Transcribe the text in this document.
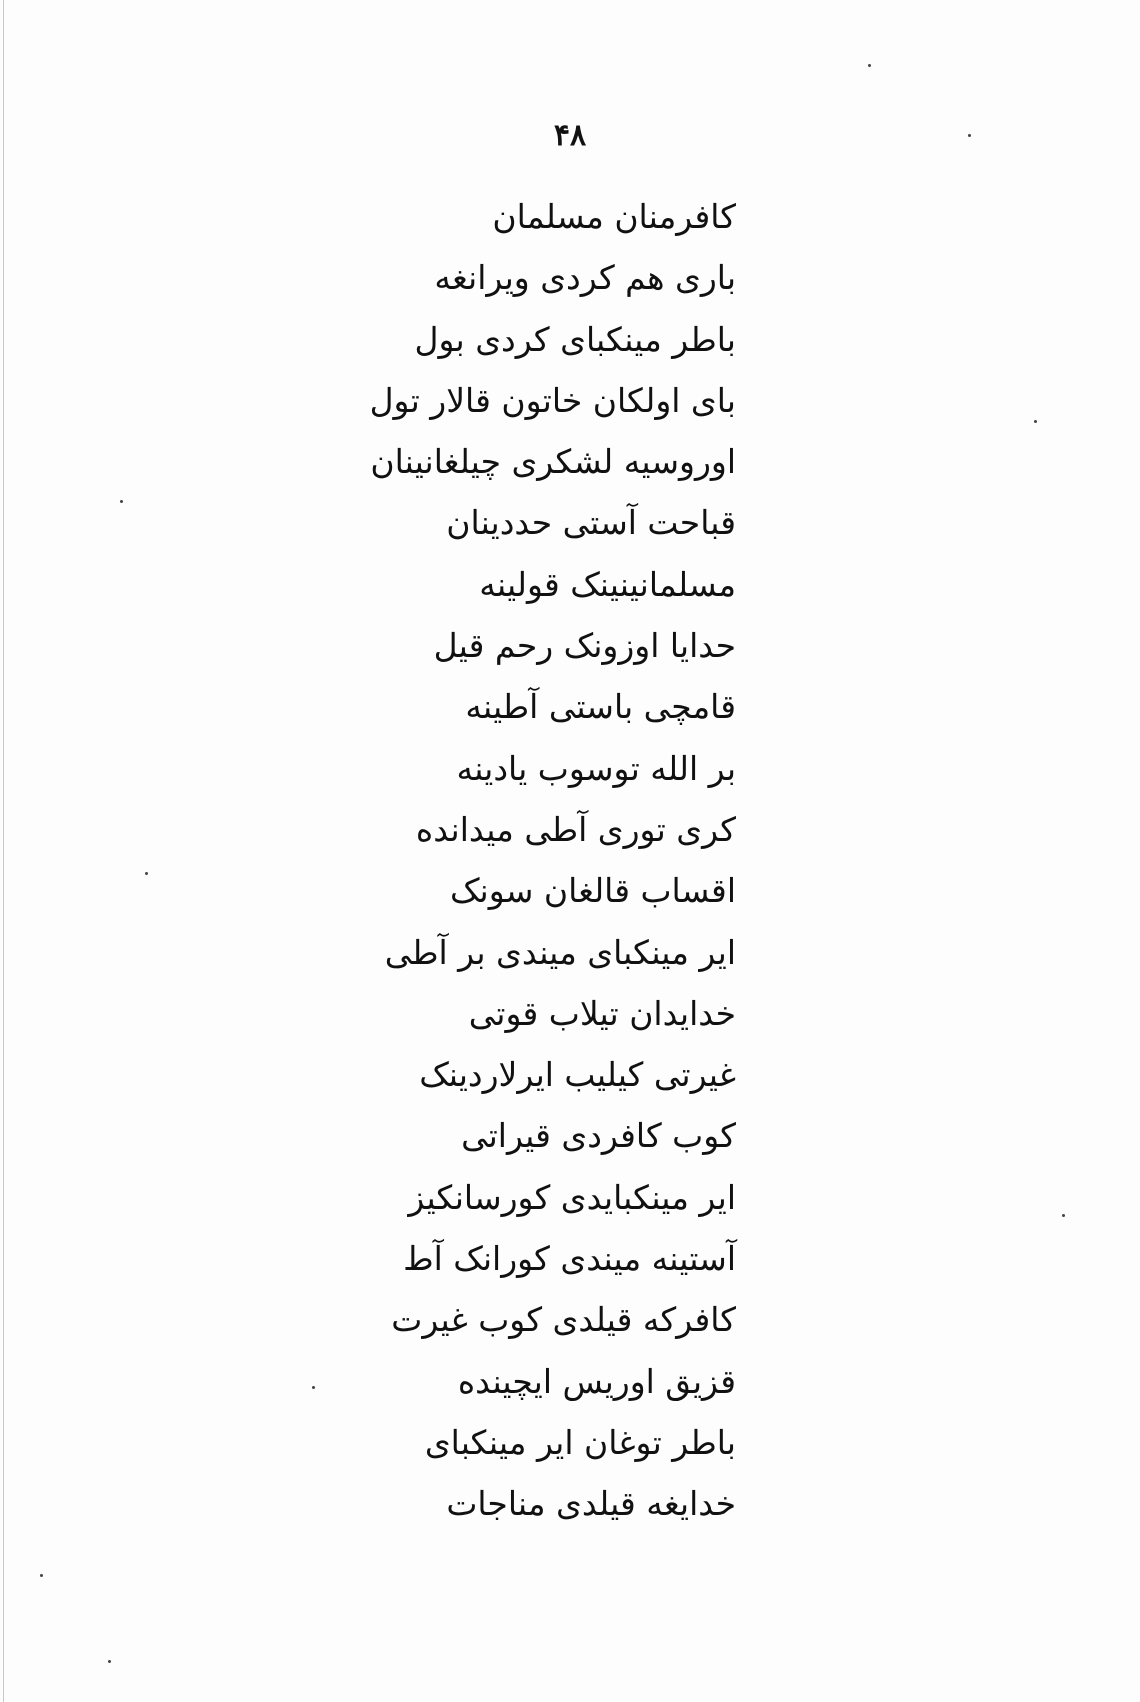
۴۸
کافرمنان مسلمان
باری هم کردی ویرانغه
باطر مینکبای کردی بول
بای اولکان خاتون قالار تول
اوروسیه لشکری چیلغانینان
قباحت آستی حددینان
مسلمانینینک قولینه
حدایا اوزونک رحم قیل
قامچی باستی آطینه
بر الله توسوب یادینه
کری توری آطی میدانده
اقساب قالغان سونک
ایر مینکبای میندی بر آطی
خدایدان تیلاب قوتی
غیرتی کیلیب ایرلاردینک
کوب کافردی قیراتی
ایر مینکبایدی کورسانکیز
آستینه میندی کورانک آط
کافرکه قیلدی کوب غیرت
قزیق اوریس ایچینده
باطر توغان ایر مینکبای
خدایغه قیلدی مناجات
